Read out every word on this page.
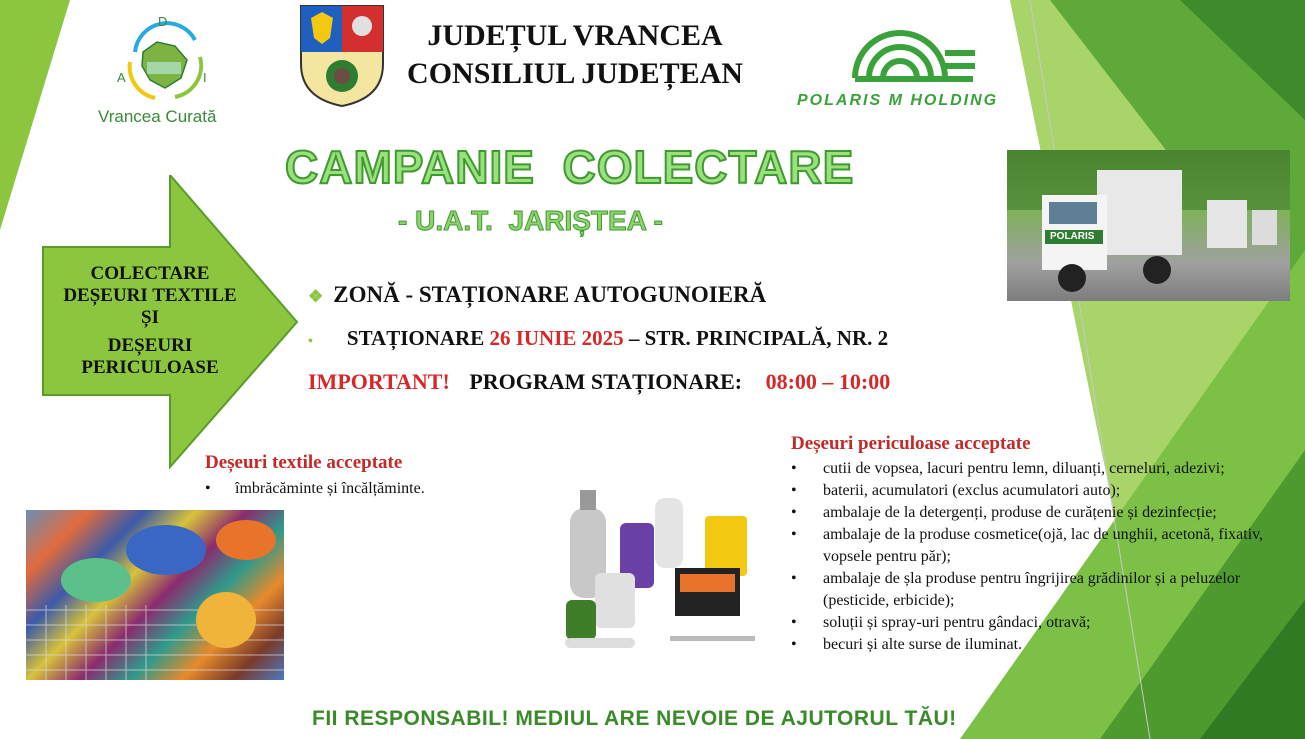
D
A	I
Vrancea Curată
JUDEȚUL VRANCEA
CONSILIUL JUDEȚEAN
POLARIS M HOLDING
CAMPANIE  COLECTARE
- U.A.T.  JARIȘTEA -
COLECTARE
DEȘEURI TEXTILE
ȘI
DEȘEURI
PERICULOASE
POLARIS
❖ ZONĂ - STAȚIONARE AUTOGUNOIERĂ
• STAȚIONARE 26 IUNIE 2025 – STR. PRINCIPALĂ, NR. 2
IMPORTANT! PROGRAM STAȚIONARE: 08:00 – 10:00
Deșeuri textile acceptate
• îmbrăcăminte și încălțăminte.
Deșeuri periculoase acceptate
• cutii de vopsea, lacuri pentru lemn, diluanți, cerneluri, adezivi;
• baterii, acumulatori (exclus acumulatori auto);
• ambalaje de la detergenți, produse de curățenie și dezinfecție;
• ambalaje de la produse cosmetice(ojă, lac de unghii, acetonă, fixativ, vopsele pentru păr);
• ambalaje de șla produse pentru îngrijirea grădinilor și a peluzelor (pesticide, erbicide);
• soluții și spray-uri pentru gândaci, otravă;
• becuri și alte surse de iluminat.
FII RESPONSABIL! MEDIUL ARE NEVOIE DE AJUTORUL TĂU!
